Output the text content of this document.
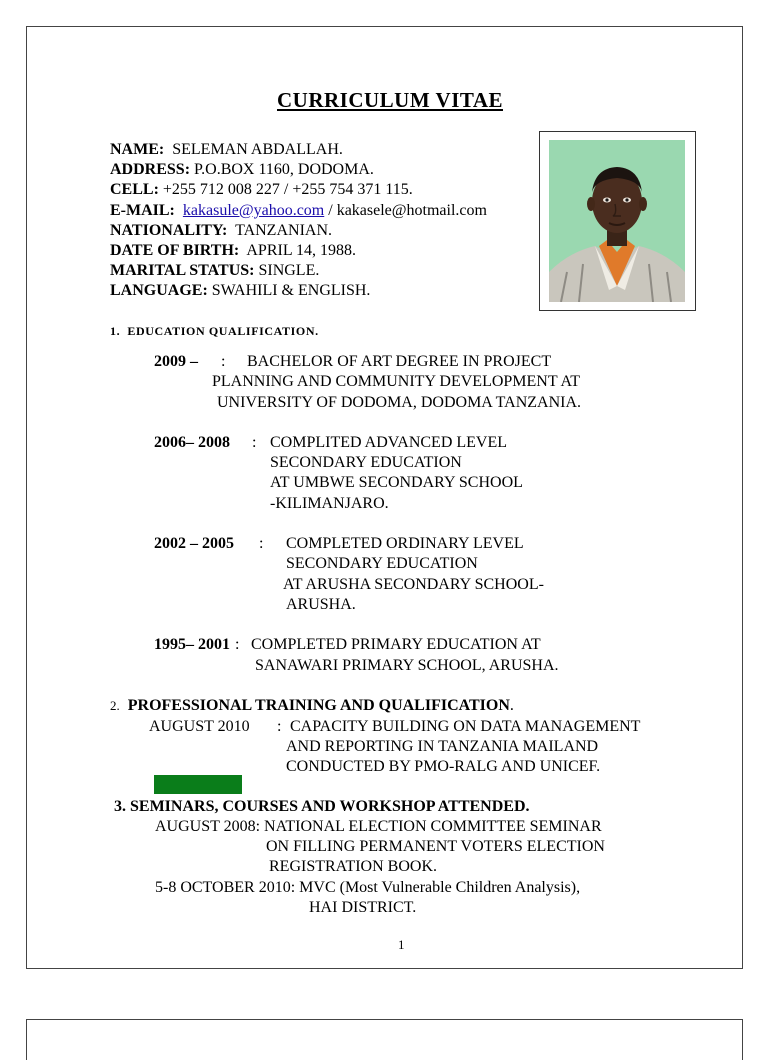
CURRICULUM VITAE
NAME: SELEMAN ABDALLAH.
ADDRESS: P.O.BOX 1160, DODOMA.
CELL: +255 712 008 227 / +255 754 371 115.
E-MAIL: kakasule@yahoo.com / kakasele@hotmail.com
NATIONALITY: TANZANIAN.
DATE OF BIRTH: APRIL 14, 1988.
MARITAL STATUS: SINGLE.
LANGUAGE: SWAHILI & ENGLISH.
1. EDUCATION QUALIFICATION.
2009 – : BACHELOR OF ART DEGREE IN PROJECT
PLANNING AND COMMUNITY DEVELOPMENT AT
UNIVERSITY OF DODOMA, DODOMA TANZANIA.
2006– 2008 : COMPLITED ADVANCED LEVEL
SECONDARY EDUCATION
AT UMBWE SECONDARY SCHOOL
-KILIMANJARO.
2002 – 2005 : COMPLETED ORDINARY LEVEL
SECONDARY EDUCATION
AT ARUSHA SECONDARY SCHOOL-
ARUSHA.
1995– 2001 : COMPLETED PRIMARY EDUCATION AT
SANAWARI PRIMARY SCHOOL, ARUSHA.
2. PROFESSIONAL TRAINING AND QUALIFICATION.
AUGUST 2010 : CAPACITY BUILDING ON DATA MANAGEMENT
AND REPORTING IN TANZANIA MAILAND
CONDUCTED BY PMO-RALG AND UNICEF.
3. SEMINARS, COURSES AND WORKSHOP ATTENDED.
AUGUST 2008: NATIONAL ELECTION COMMITTEE SEMINAR
ON FILLING PERMANENT VOTERS ELECTION
REGISTRATION BOOK.
5-8 OCTOBER 2010: MVC (Most Vulnerable Children Analysis),
HAI DISTRICT.
1
